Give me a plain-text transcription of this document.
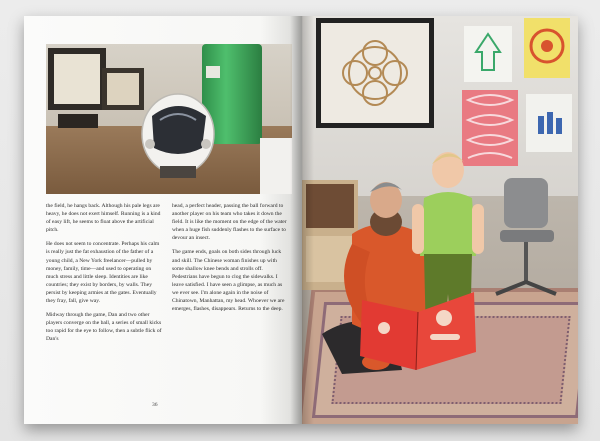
the field, he hangs back. Although his pale legs are heavy, he does not exert himself. Running is a kind of easy lift, he seems to float above the artificial pitch.

He does not seem to concentrate. Perhaps his calm is really just the fat exhaustion of the father of a young child, a New York freelancer—pulled by money, family, time—and used to operating on much stress and little sleep. Identities are like countries; they exist by borders, by walls. They persist by keeping armies at the gates. Eventually they fray, fall, give way.

Midway through the game, Dan and two other players converge on the ball, a series of small kicks too rapid for the eye to follow, then a subtle flick of Dan's

head, a perfect header, passing the ball forward to another player on his team who takes it down the field. It is like the moment on the edge of the water when a huge fish suddenly flashes to the surface to devour an insect.

The game ends, goals on both sides through luck and skill. The Chinese woman finishes up with some shallow knee bends and strolls off. Pedestrians have begun to clog the sidewalks. I leave satisfied. I have seen a glimpse, as much as we ever see. I'm alone again in the noise of Chinatown, Manhattan, my head. Whoever we are emerges, flashes, disappears. Returns to the deep.

36
